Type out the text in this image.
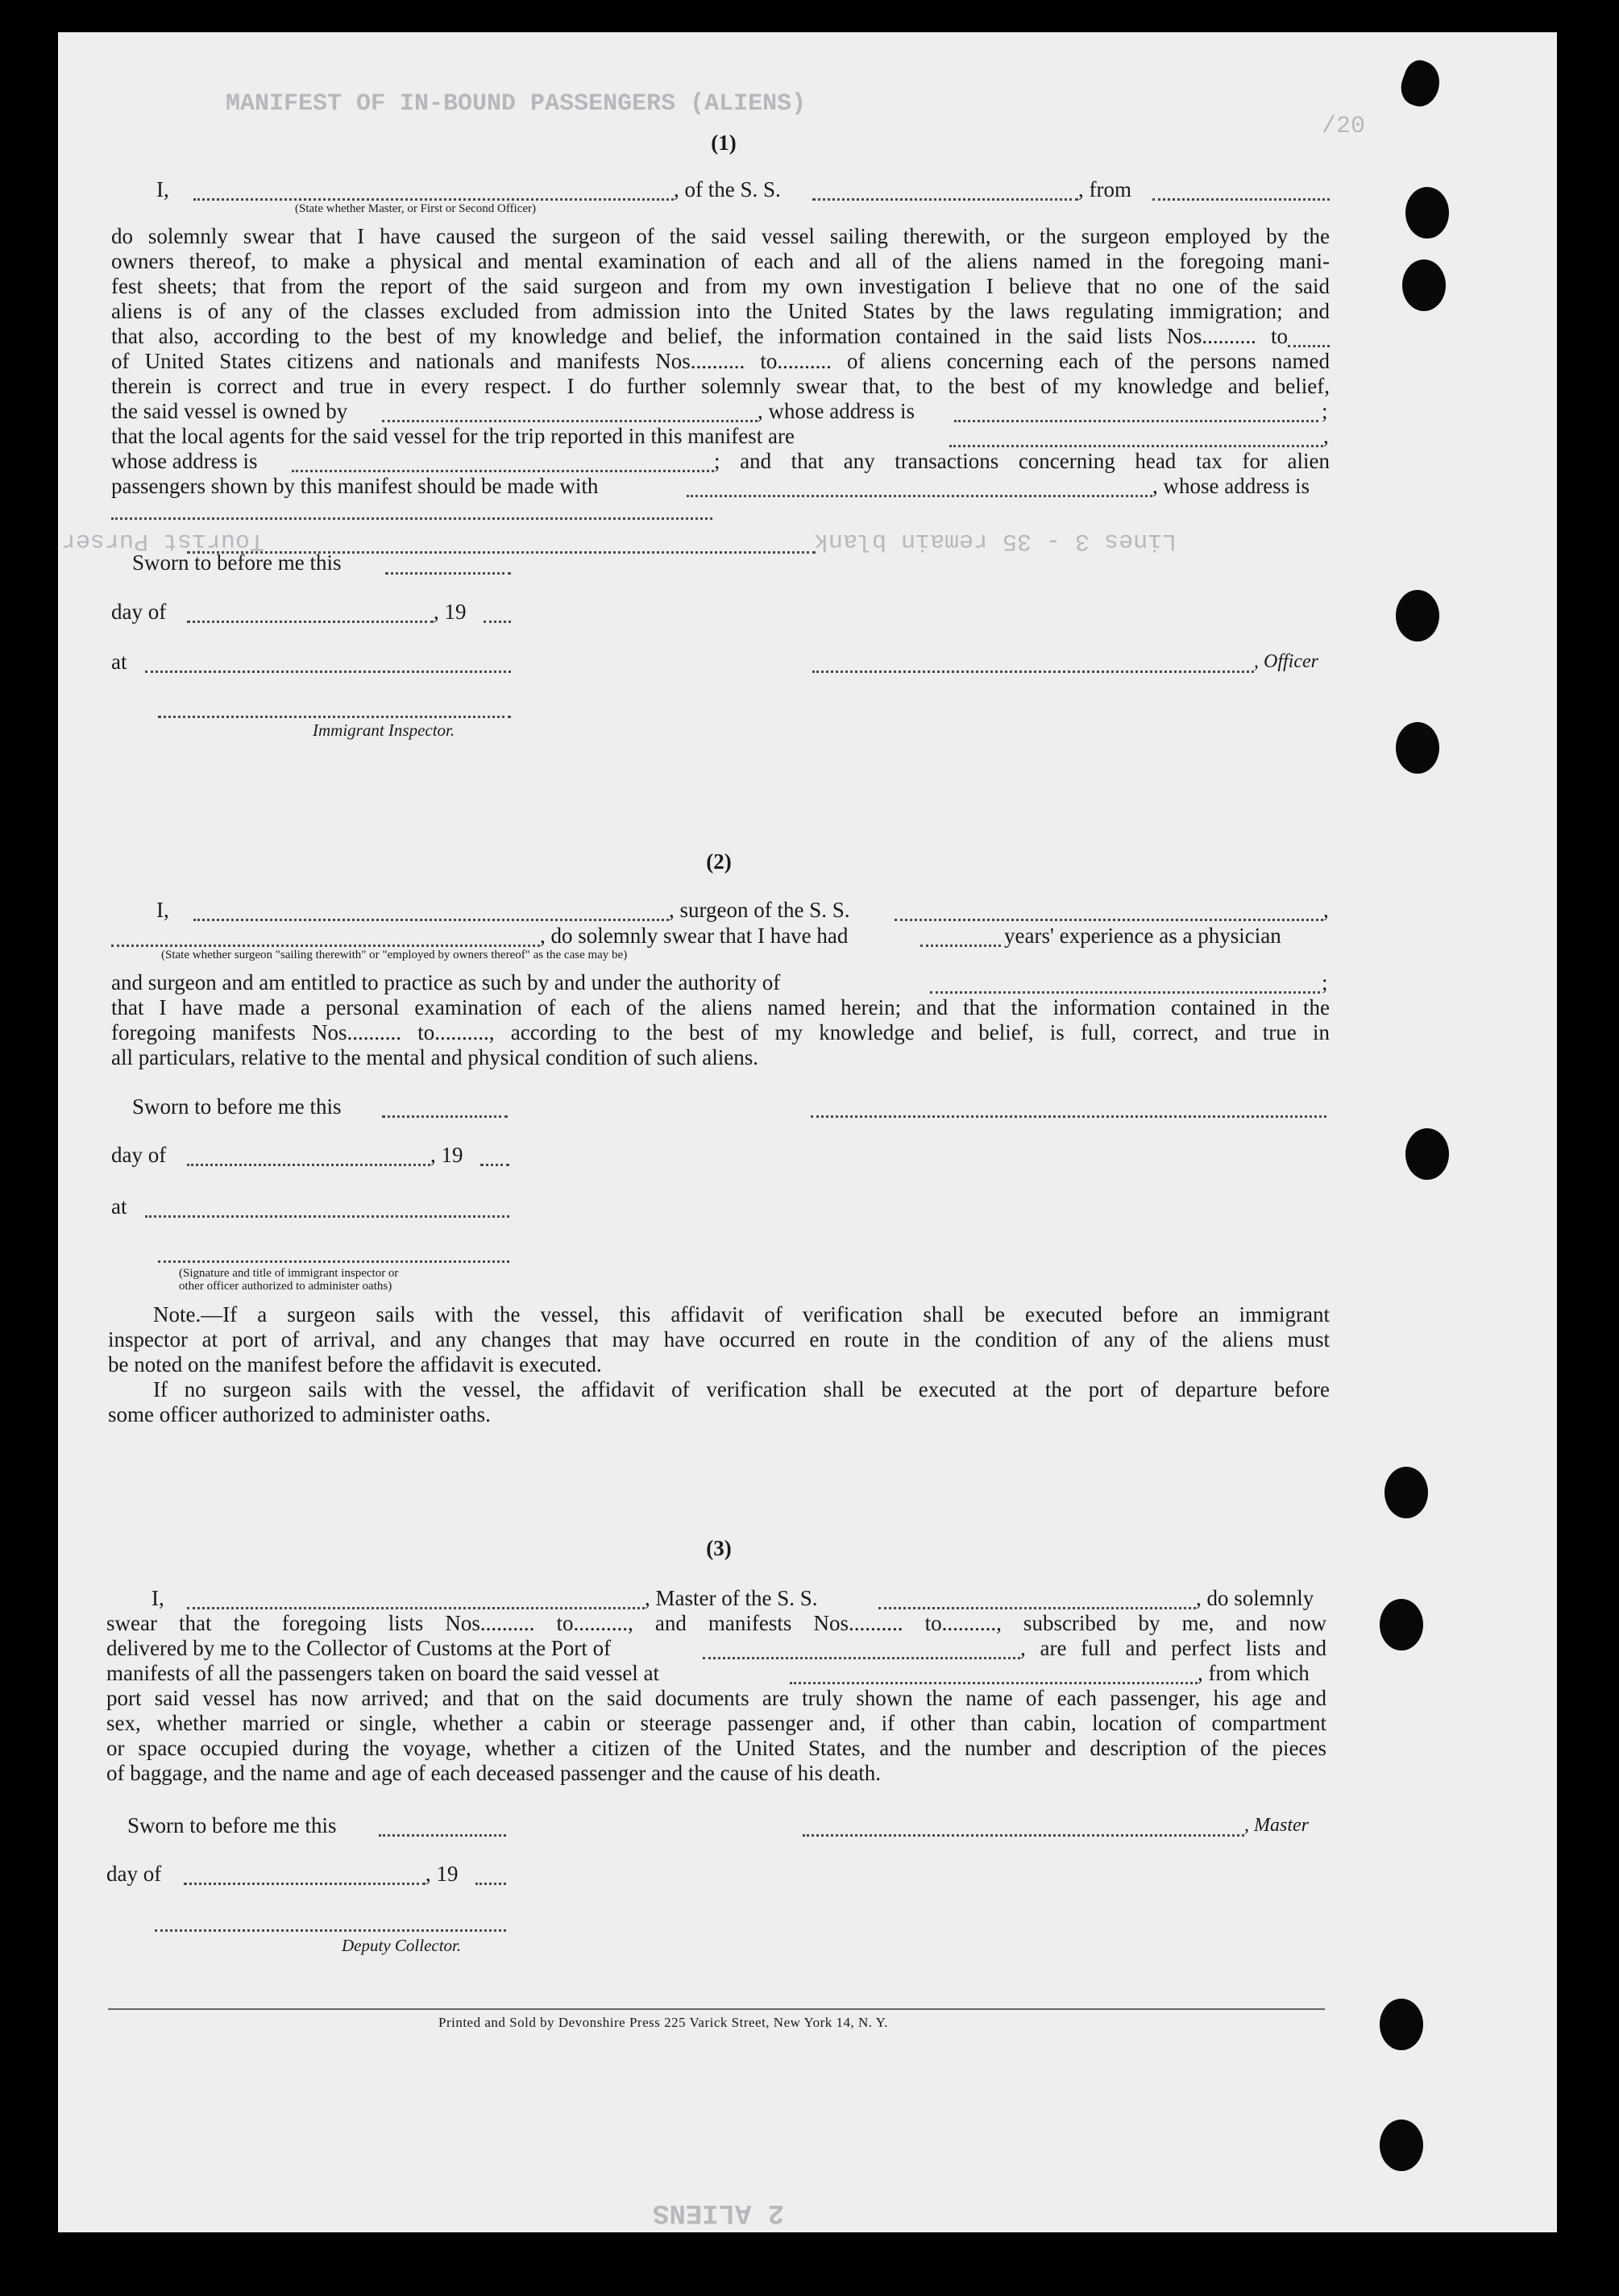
MANIFEST OF IN-BOUND PASSENGERS (ALIENS)
/20
(1)
I,	, of the S. S.	, from
(State whether Master, or First or Second Officer)
do solemnly swear that I have caused the surgeon of the said vessel sailing therewith, or the surgeon employed by the
owners thereof, to make a physical and mental examination of each and all of the aliens named in the foregoing mani-
fest sheets; that from the report of the said surgeon and from my own investigation I believe that no one of the said
aliens is of any of the classes excluded from admission into the United States by the laws regulating immigration; and
that also, according to the best of my knowledge and belief, the information contained in the said lists Nos.......... to
of United States citizens and nationals and manifests Nos.......... to.......... of aliens concerning each of the persons named
therein is correct and true in every respect. I do further solemnly swear that, to the best of my knowledge and belief,
the said vessel is owned by	, whose address is	;
that the local agents for the said vessel for the trip reported in this manifest are	,
whose address is	; and that any transactions concerning head tax for alien
passengers shown by this manifest should be made with	, whose address is
Lines 3 - 35 remain blank
Tourist Purser
Sworn to before me this
day of	, 19
at	, Officer
Immigrant Inspector.
(2)
I,	, surgeon of the S. S.	,
, do solemnly swear that I have had	years' experience as a physician
(State whether surgeon "sailing therewith" or "employed by owners thereof" as the case may be)
and surgeon and am entitled to practice as such by and under the authority of	;
that I have made a personal examination of each of the aliens named herein; and that the information contained in the
foregoing manifests Nos.......... to.........., according to the best of my knowledge and belief, is full, correct, and true in
all particulars, relative to the mental and physical condition of such aliens.
Sworn to before me this
day of	, 19
at
(Signature and title of immigrant inspector or
other officer authorized to administer oaths)
Note.—If a surgeon sails with the vessel, this affidavit of verification shall be executed before an immigrant
inspector at port of arrival, and any changes that may have occurred en route in the condition of any of the aliens must
be noted on the manifest before the affidavit is executed.
If no surgeon sails with the vessel, the affidavit of verification shall be executed at the port of departure before
some officer authorized to administer oaths.
(3)
I,	, Master of the S. S.	, do solemnly
swear that the foregoing lists Nos.......... to.........., and manifests Nos.......... to.........., subscribed by me, and now
delivered by me to the Collector of Customs at the Port of	, are full and perfect lists and
manifests of all the passengers taken on board the said vessel at	, from which
port said vessel has now arrived; and that on the said documents are truly shown the name of each passenger, his age and
sex, whether married or single, whether a cabin or steerage passenger and, if other than cabin, location of compartment
or space occupied during the voyage, whether a citizen of the United States, and the number and description of the pieces
of baggage, and the name and age of each deceased passenger and the cause of his death.
Sworn to before me this	, Master
day of	, 19
Deputy Collector.
Printed and Sold by Devonshire Press 225 Varick Street, New York 14, N. Y.
2 ALIENS
